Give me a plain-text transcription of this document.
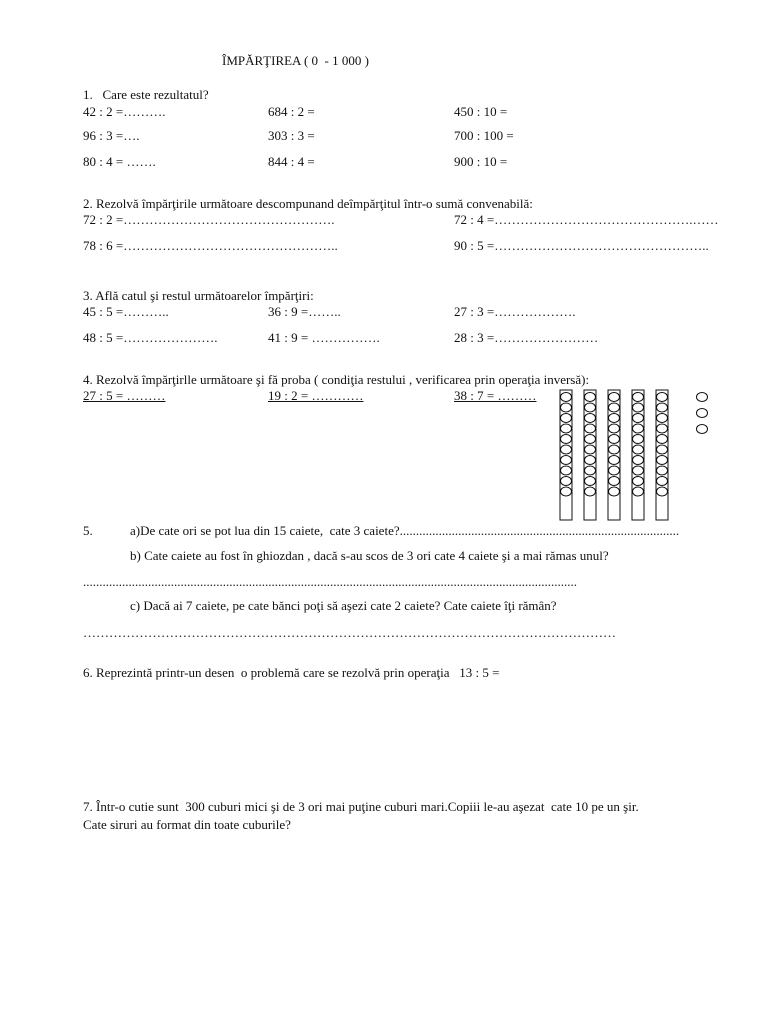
ÎMPĂRŢIREA ( 0  - 1 000 )
1.   Care este rezultatul?
42 : 2 =……….	684 : 2 =	450 : 10 =
96 : 3 =….	303 : 3 =	700 : 100 =
80 : 4 = …….	844 : 4 =	900 : 10 =
2. Rezolvă împărţirile următoare descompunand deîmpărţitul într-o sumă convenabilă:
72 : 2 =………………………………………….	72 : 4 =……………………………………….……
78 : 6 =…………………………………………..	90 : 5 =…………………………………………..
3. Află catul şi restul următoarelor împărţiri:
45 : 5 =………..	36 : 9 =……..	27 : 3 =……………….
48 : 5 =………………….	41 : 9 = …………….	28 : 3 =……………………
4. Rezolvă împărţirlle următoare şi fă proba ( condiţia restului , verificarea prin operaţia inversă):
27 : 5 = ………	19 : 2 = …………	38 : 7 = ………
5.	a)De cate ori se pot lua din 15 caiete,  cate 3 caiete?......................................................................................
b) Cate caiete au fost în ghiozdan , dacă s-au scos de 3 ori cate 4 caiete şi a mai rămas unul?
........................................................................................................................................................
c) Dacă ai 7 caiete, pe cate bănci poţi să aşezi cate 2 caiete? Cate caiete îţi rămân?
……………………………………………………………………………………………………………
6. Reprezintă printr-un desen  o problemă care se rezolvă prin operaţia   13 : 5 =
7. Într-o cutie sunt  300 cuburi mici şi de 3 ori mai puţine cuburi mari.Copiii le-au aşezat  cate 10 pe un şir.
Cate siruri au format din toate cuburile?
